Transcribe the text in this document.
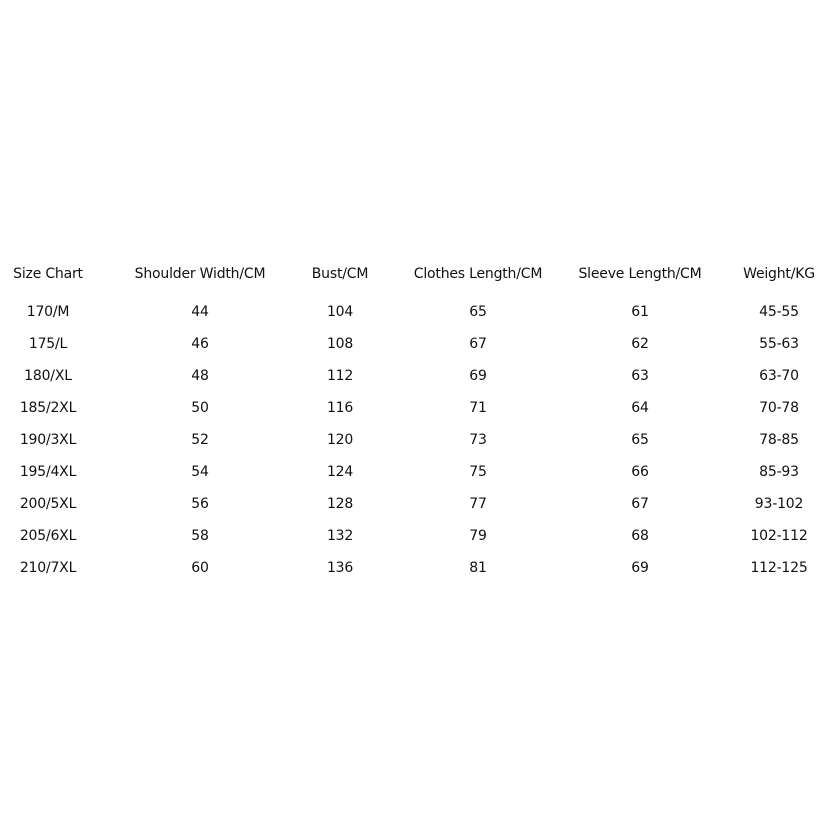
Size Chart	Shoulder Width/CM	Bust/CM	Clothes Length/CM	Sleeve Length/CM	Weight/KG
170/M	44	104	65	61	45-55
175/L	46	108	67	62	55-63
180/XL	48	112	69	63	63-70
185/2XL	50	116	71	64	70-78
190/3XL	52	120	73	65	78-85
195/4XL	54	124	75	66	85-93
200/5XL	56	128	77	67	93-102
205/6XL	58	132	79	68	102-112
210/7XL	60	136	81	69	112-125
